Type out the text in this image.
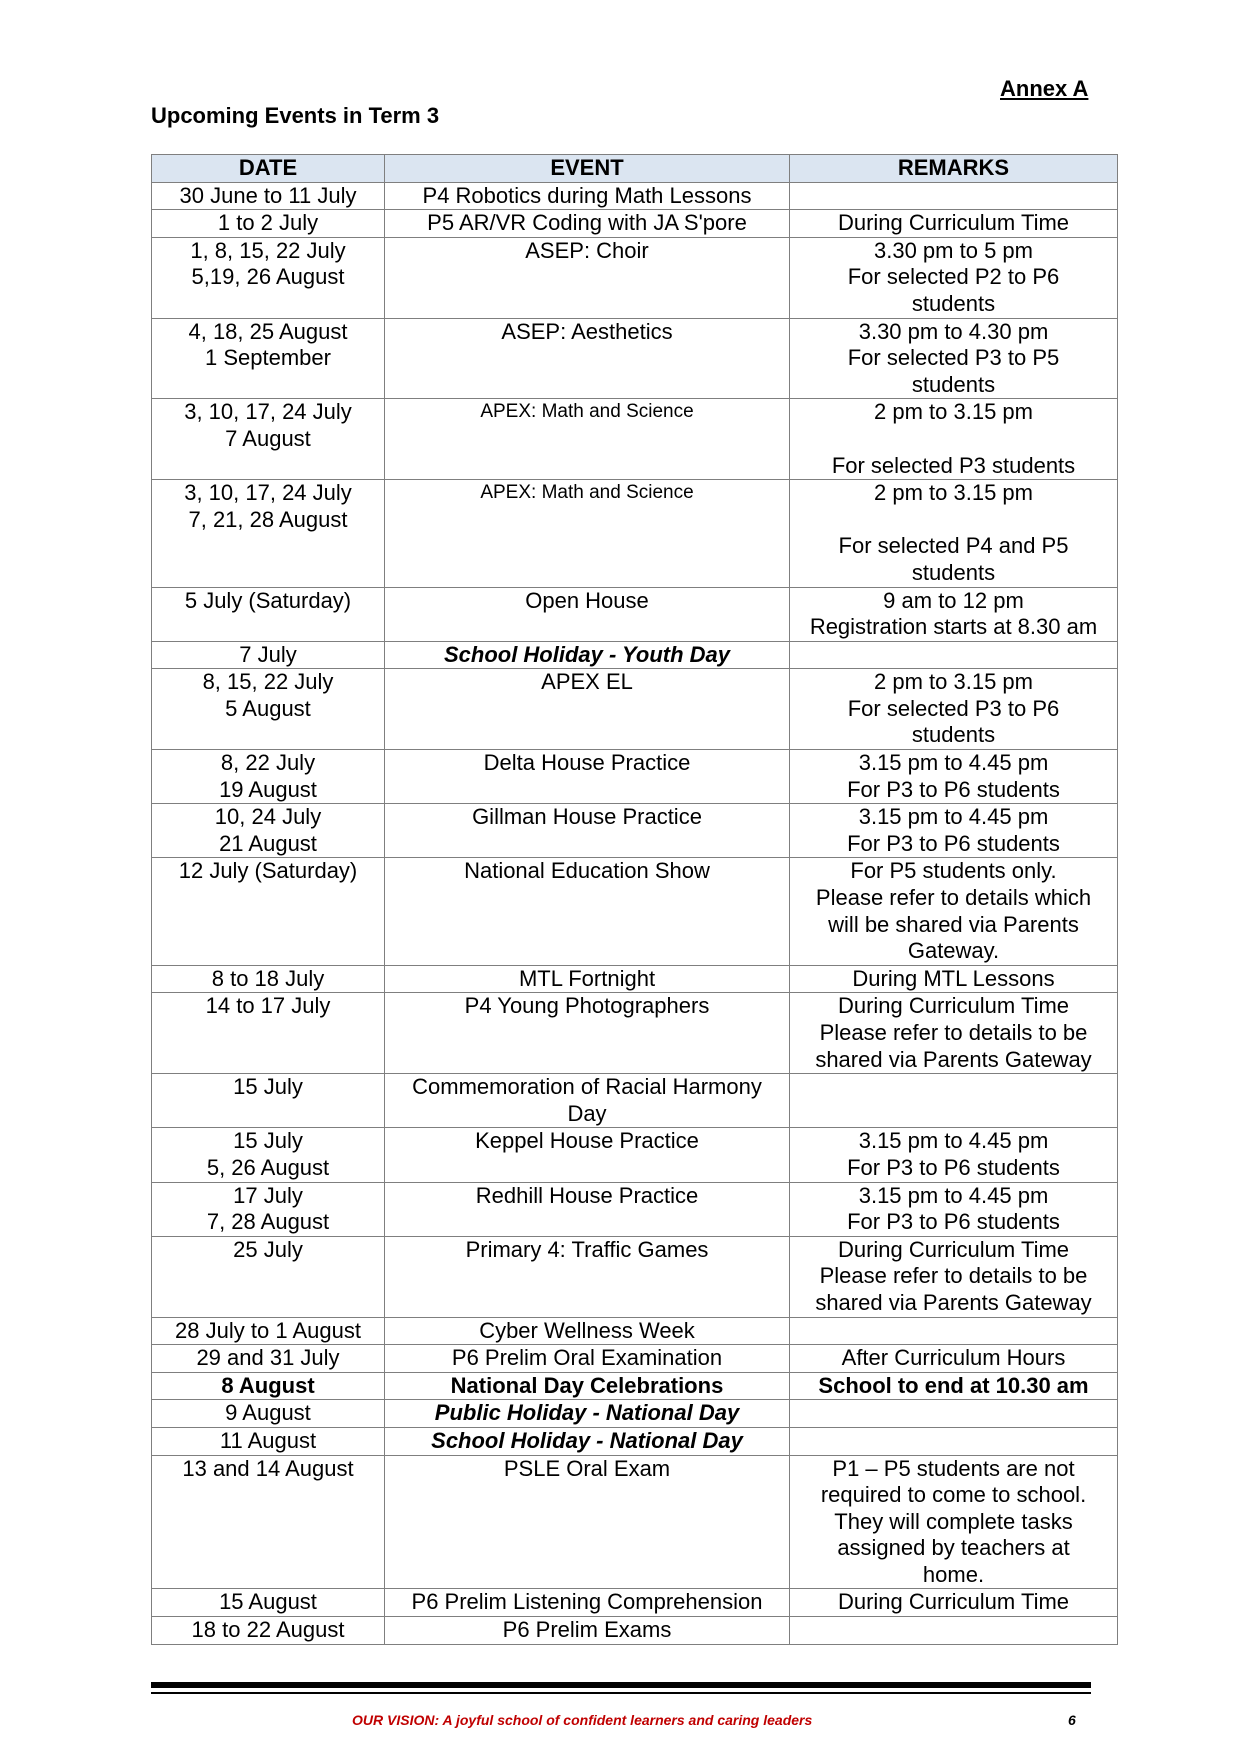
Annex A
Upcoming Events in Term 3
DATE	EVENT	REMARKS
30 June to 11 July	P4 Robotics during Math Lessons	
1 to 2 July	P5 AR/VR Coding with JA S'pore	During Curriculum Time
1, 8, 15, 22 July
5,19, 26 August	ASEP: Choir	3.30 pm to 5 pm
For selected P2 to P6
students
4, 18, 25 August
1 September	ASEP: Aesthetics	3.30 pm to 4.30 pm
For selected P3 to P5
students
3, 10, 17, 24 July
7 August	APEX: Math and Science	2 pm to 3.15 pm

For selected P3 students
3, 10, 17, 24 July
7, 21, 28 August	APEX: Math and Science	2 pm to 3.15 pm

For selected P4 and P5
students
5 July (Saturday)	Open House	9 am to 12 pm
Registration starts at 8.30 am
7 July	School Holiday - Youth Day	
8, 15, 22 July
5 August	APEX EL	2 pm to 3.15 pm
For selected P3 to P6
students
8, 22 July
19 August	Delta House Practice	3.15 pm to 4.45 pm
For P3 to P6 students
10, 24 July
21 August	Gillman House Practice	3.15 pm to 4.45 pm
For P3 to P6 students
12 July (Saturday)	National Education Show	For P5 students only.
Please refer to details which
will be shared via Parents
Gateway.
8 to 18 July	MTL Fortnight	During MTL Lessons
14 to 17 July	P4 Young Photographers	During Curriculum Time
Please refer to details to be
shared via Parents Gateway
15 July	Commemoration of Racial Harmony
Day	
15 July
5, 26 August	Keppel House Practice	3.15 pm to 4.45 pm
For P3 to P6 students
17 July
7, 28 August	Redhill House Practice	3.15 pm to 4.45 pm
For P3 to P6 students
25 July	Primary 4: Traffic Games	During Curriculum Time
Please refer to details to be
shared via Parents Gateway
28 July to 1 August	Cyber Wellness Week	
29 and 31 July	P6 Prelim Oral Examination	After Curriculum Hours
8 August	National Day Celebrations	School to end at 10.30 am
9 August	Public Holiday - National Day	
11 August	School Holiday - National Day	
13 and 14 August	PSLE Oral Exam	P1 – P5 students are not
required to come to school.
They will complete tasks
assigned by teachers at
home.
15 August	P6 Prelim Listening Comprehension	During Curriculum Time
18 to 22 August	P6 Prelim Exams	
OUR VISION: A joyful school of confident learners and caring leaders	6
